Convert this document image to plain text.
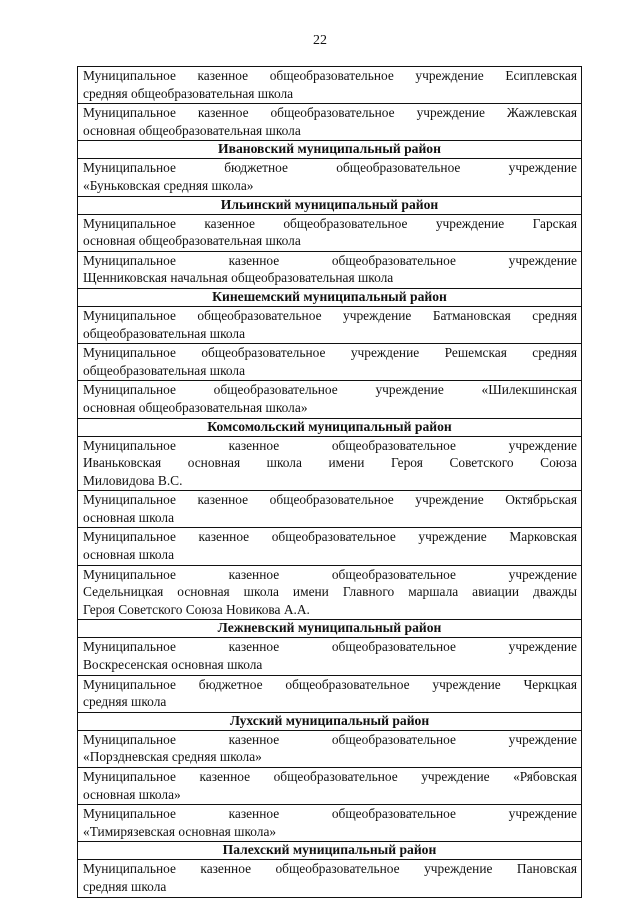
22
Муниципальное казенное общеобразовательное учреждение Есиплевская
средняя общеобразовательная школа
Муниципальное казенное общеобразовательное учреждение Жажлевская
основная общеобразовательная школа
Ивановский муниципальный район
Муниципальное бюджетное общеобразовательное учреждение
«Буньковская средняя школа»
Ильинский муниципальный район
Муниципальное казенное общеобразовательное учреждение Гарская
основная общеобразовательная школа
Муниципальное казенное общеобразовательное учреждение
Щенниковская начальная общеобразовательная школа
Кинешемский муниципальный район
Муниципальное общеобразовательное учреждение Батмановская средняя
общеобразовательная школа
Муниципальное общеобразовательное учреждение Решемская средняя
общеобразовательная школа
Муниципальное общеобразовательное учреждение «Шилекшинская
основная общеобразовательная школа»
Комсомольский муниципальный район
Муниципальное казенное общеобразовательное учреждение
Иваньковская основная школа имени Героя Советского Союза
Миловидова В.С.
Муниципальное казенное общеобразовательное учреждение Октябрьская
основная школа
Муниципальное казенное общеобразовательное учреждение Марковская
основная школа
Муниципальное казенное общеобразовательное учреждение
Седельницкая основная школа имени Главного маршала авиации дважды
Героя Советского Союза Новикова А.А.
Лежневский муниципальный район
Муниципальное казенное общеобразовательное учреждение
Воскресенская основная школа
Муниципальное бюджетное общеобразовательное учреждение Черкцкая
средняя школа
Лухский муниципальный район
Муниципальное казенное общеобразовательное учреждение
«Порздневская средняя школа»
Муниципальное казенное общеобразовательное учреждение «Рябовская
основная школа»
Муниципальное казенное общеобразовательное учреждение
«Тимирязевская основная школа»
Палехский муниципальный район
Муниципальное казенное общеобразовательное учреждение Пановская
средняя школа
